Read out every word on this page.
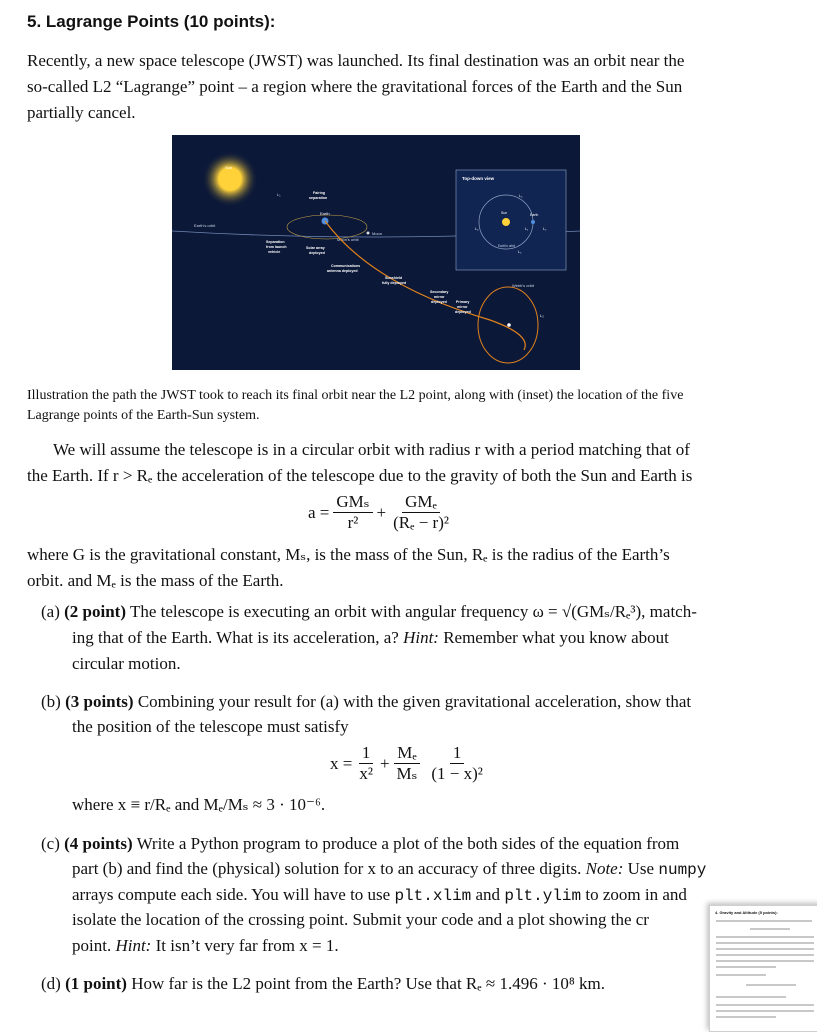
5. Lagrange Points (10 points):
Recently, a new space telescope (JWST) was launched. Its final destination was an orbit near the
so-called L2 “Lagrange” point – a region where the gravitational forces of the Earth and the Sun
partially cancel.
Sun
Earth's orbit
L₁
Earth
Moon
Moon's orbit
L₂
Webb's orbit
Fairing
separation
Separation
from launch
vehicle
Solar array
deployed
Communications
antenna deployed
Sunshield
fully deployed
Secondary
mirror
deployed	Primary
mirror
deployed
Top-down view
Sun	Earth
Earth's orbit
L₁	L₂
L₃
L₄
L₅
Illustration the path the JWST took to reach its final orbit near the L2 point, along with (inset) the location of the five
Lagrange points of the Earth-Sun system.
We will assume the telescope is in a circular orbit with radius r with a period matching that of
the Earth. If r > Rₑ the acceleration of the telescope due to the gravity of both the Sun and Earth is
$a = \frac{\text{GMₛ}}{\text{r²}} + \frac{\text{GMₑ}}{\text{(Rₑ − r)²}}$
where G is the gravitational constant, Mₛ, is the mass of the Sun, Rₑ is the radius of the Earth’s
orbit. and Mₑ is the mass of the Earth.
(a) (2 point) The telescope is executing an orbit with angular frequency ω = √(GMₛ/Rₑ³), match-
ing that of the Earth. What is its acceleration, a? Hint: Remember what you know about
circular motion.
(b) (3 points) Combining your result for (a) with the given gravitational acceleration, show that
the position of the telescope must satisfy
$x = \frac{1}{\text{x²}} + \frac{\text{Mₑ}}{\text{Mₛ}} \frac{1}{\text{(1 − x)²}}$
where x ≡ r/Rₑ and Mₑ/Mₛ ≈ 3 · 10⁻⁶.
(c) (4 points) Write a Python program to produce a plot of the both sides of the equation from
part (b) and find the (physical) solution for x to an accuracy of three digits. Note: Use numpy
arrays compute each side. You will have to use plt.xlim and plt.ylim to zoom in and
isolate the location of the crossing point. Submit your code and a plot showing the cr
point. Hint: It isn’t very far from x = 1.
(d) (1 point) How far is the L2 point from the Earth? Use that Rₑ ≈ 1.496 · 10⁸ km.
4. Gravity and Altitude (5 points):
